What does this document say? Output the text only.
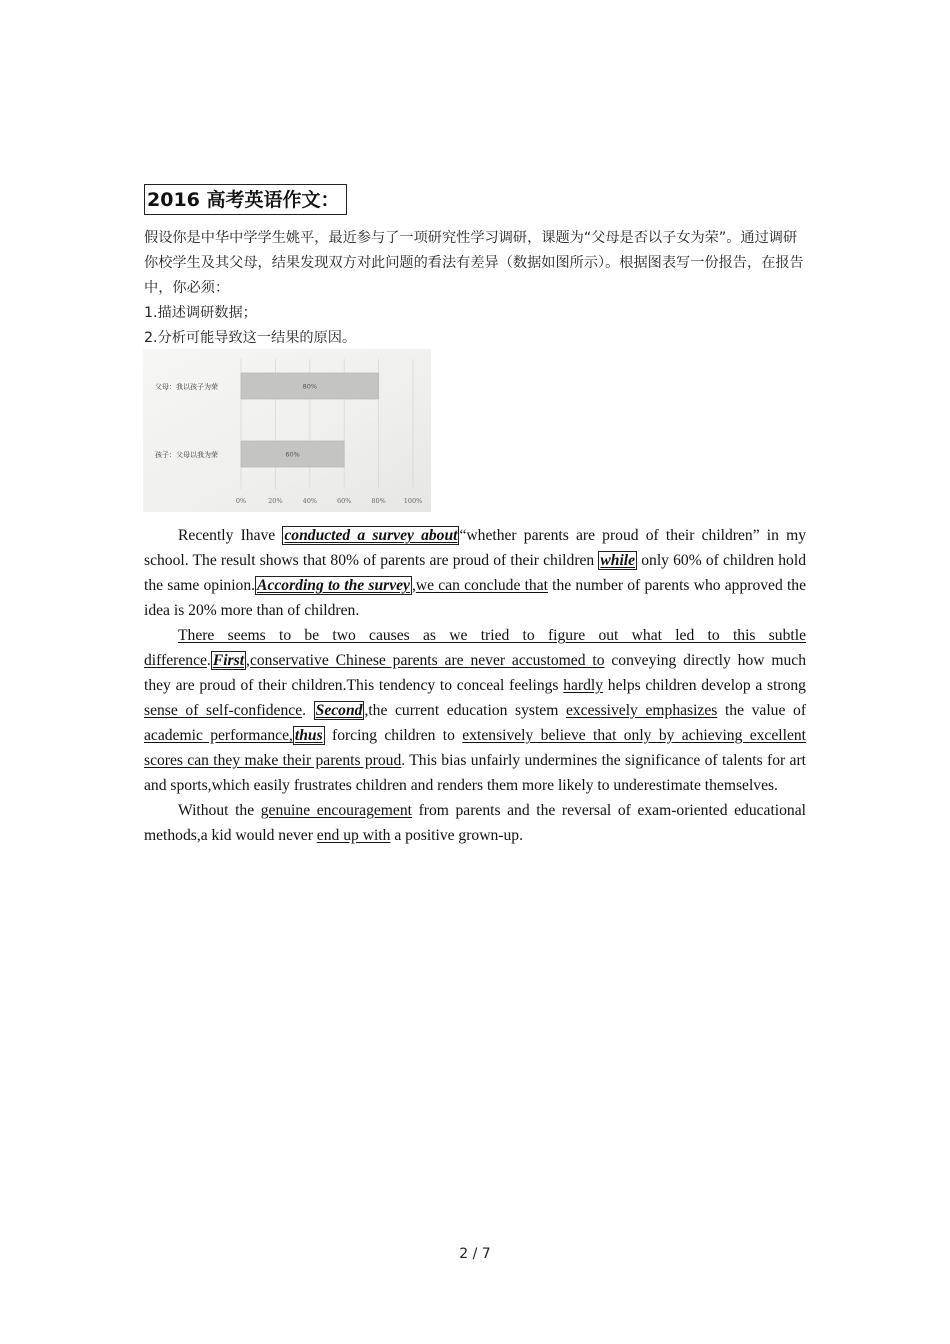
2016 高考英语作文：

假设你是中华中学学生姚平，最近参与了一项研究性学习调研，课题为“父母是否以子女为荣”。通过调研你校学生及其父母，结果发现双方对此问题的看法有差异（数据如图所示）。根据图表写一份报告，在报告中，你必须：

1.描述调研数据；

2.分析可能导致这一结果的原因。

0%	20%	40%	60%	80%	100%
父母：我以孩子为荣	80%
孩子：父母以我为荣	60%

Recently Ihave conducted a survey about “whether parents are proud of their children” in my school. The result shows that 80% of parents are proud of their children while only 60% of children hold the same opinion. According to the survey ,we can conclude that the number of parents who approved the idea is 20% more than of children.

There seems to be two causes as we tried to figure out what led to this subtle difference. First ,conservative Chinese parents are never accustomed to conveying directly how much they are proud of their children.This tendency to conceal feelings hardly helps children develop a strong sense of self-confidence. Second ,the current education system excessively emphasizes the value of academic performance, thus forcing children to extensively believe that only by achieving excellent scores can they make their parents proud. This bias unfairly undermines the significance of talents for art and sports,which easily frustrates children and renders them more likely to underestimate themselves.

Without the genuine encouragement from parents and the reversal of exam-oriented educational methods,a kid would never end up with a positive grown-up.

2 / 7
